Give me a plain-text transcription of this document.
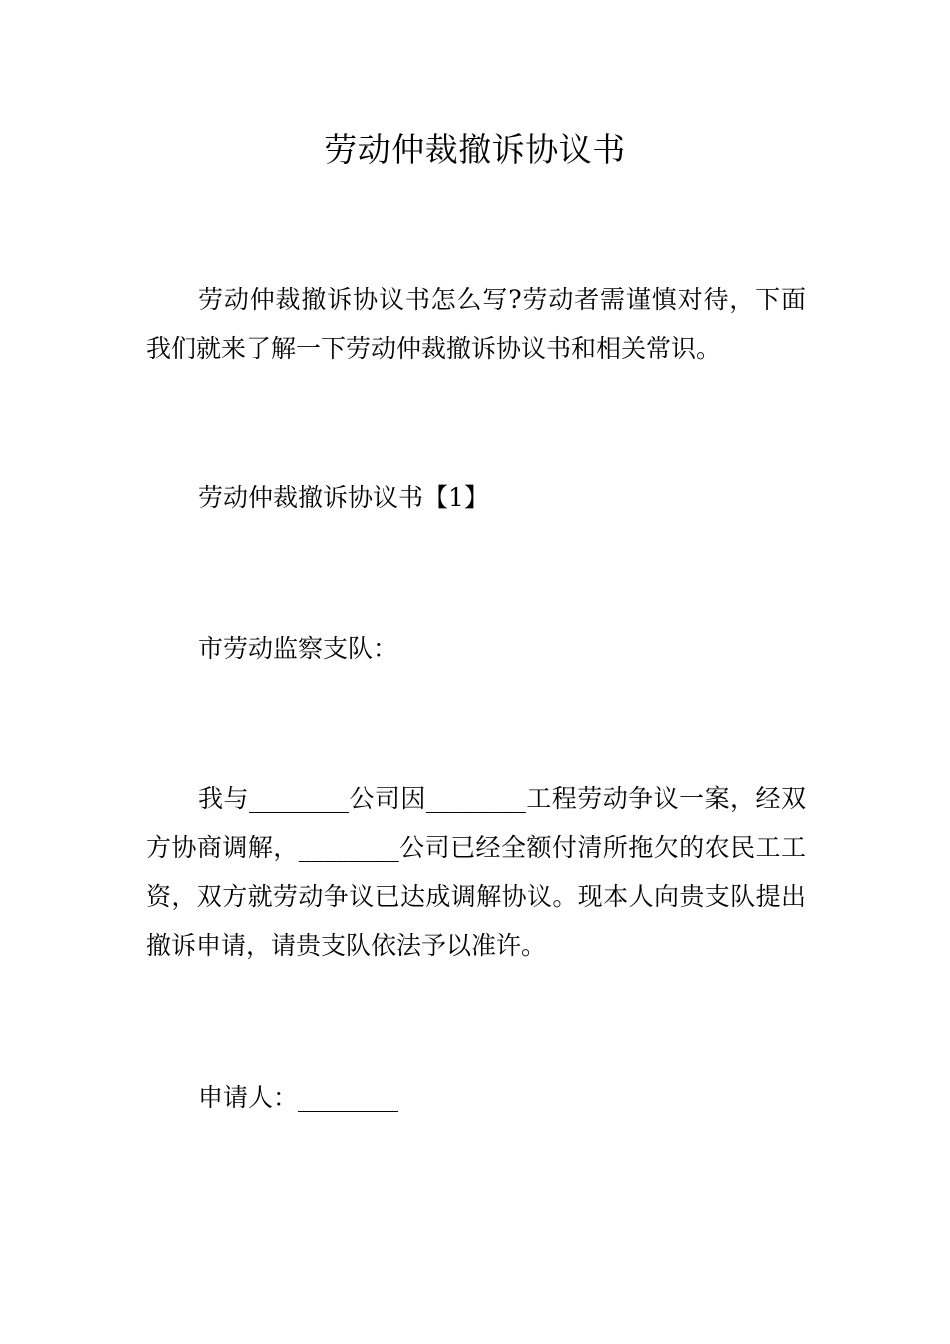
劳动仲裁撤诉协议书

劳动仲裁撤诉协议书怎么写?劳动者需谨慎对待，下面我们就来了解一下劳动仲裁撤诉协议书和相关常识。

劳动仲裁撤诉协议书【1】

市劳动监察支队：

我与________公司因________工程劳动争议一案，经双方协商调解，________公司已经全额付清所拖欠的农民工工资，双方就劳动争议已达成调解协议。现本人向贵支队提出撤诉申请，请贵支队依法予以准许。

申请人：________
